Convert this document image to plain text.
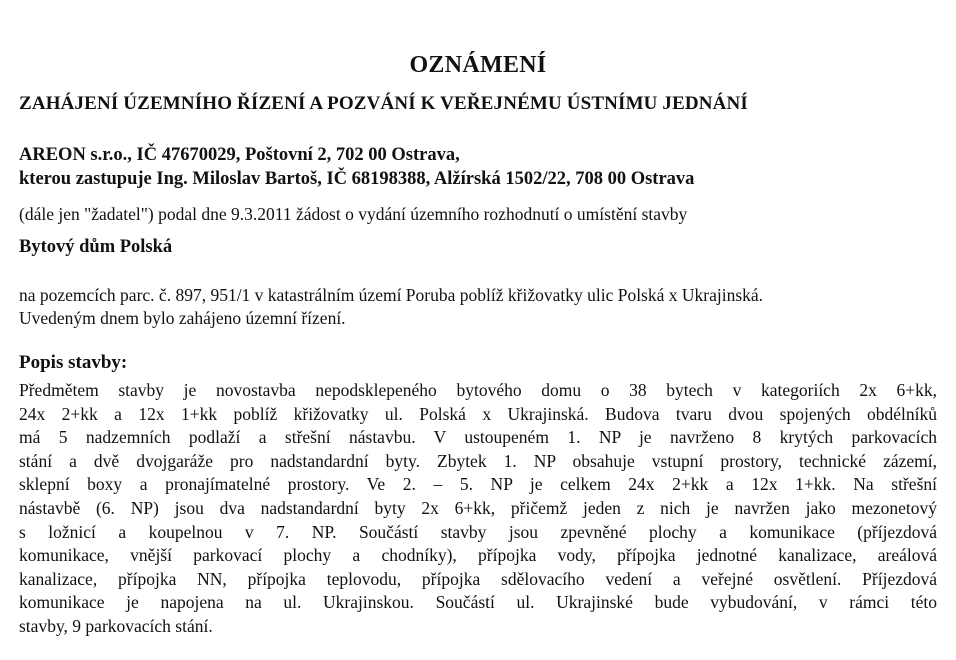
OZNÁMENÍ
ZAHÁJENÍ ÚZEMNÍHO ŘÍZENÍ A POZVÁNÍ K VEŘEJNÉMU ÚSTNÍMU JEDNÁNÍ
AREON s.r.o., IČ 47670029, Poštovní 2, 702 00 Ostrava,
kterou zastupuje Ing. Miloslav Bartoš, IČ 68198388, Alžírská 1502/22, 708 00 Ostrava
(dále jen "žadatel") podal dne 9.3.2011 žádost o vydání územního rozhodnutí o umístění stavby
Bytový dům Polská
na pozemcích parc. č. 897, 951/1 v katastrálním území Poruba poblíž křižovatky ulic Polská x Ukrajinská.
Uvedeným dnem bylo zahájeno územní řízení.
Popis stavby:
Předmětem stavby je novostavba nepodsklepeného bytového domu o 38 bytech v kategoriích 2x 6+kk,
24x 2+kk a 12x 1+kk poblíž křižovatky ul. Polská x Ukrajinská. Budova tvaru dvou spojených obdélníků
má 5 nadzemních podlaží a střešní nástavbu. V ustoupeném 1. NP je navrženo 8 krytých parkovacích
stání a dvě dvojgaráže pro nadstandardní byty. Zbytek 1. NP obsahuje vstupní prostory, technické zázemí,
sklepní boxy a pronajímatelné prostory. Ve 2. – 5. NP je celkem 24x 2+kk a 12x 1+kk. Na střešní
nástavbě (6. NP) jsou dva nadstandardní byty 2x 6+kk, přičemž jeden z nich je navržen jako mezonetový
s ložnicí a koupelnou v 7. NP. Součástí stavby jsou zpevněné plochy a komunikace (příjezdová
komunikace, vnější parkovací plochy a chodníky), přípojka vody, přípojka jednotné kanalizace, areálová
kanalizace, přípojka NN, přípojka teplovodu, přípojka sdělovacího vedení a veřejné osvětlení. Příjezdová
komunikace je napojena na ul. Ukrajinskou. Součástí ul. Ukrajinské bude vybudování, v rámci této
stavby, 9 parkovacích stání.
